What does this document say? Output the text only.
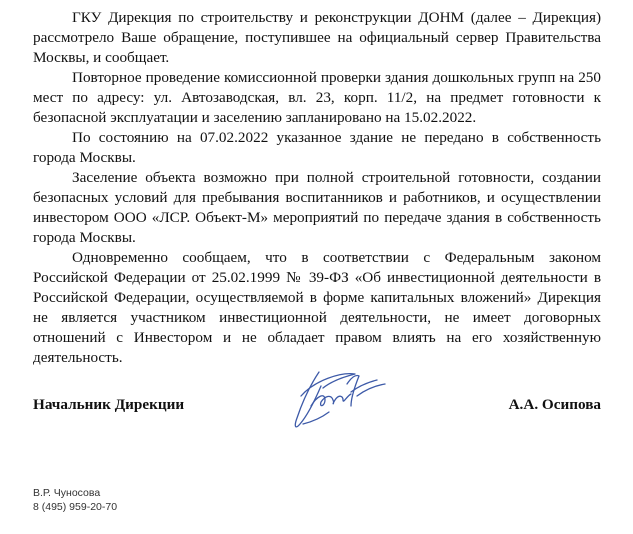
ГКУ Дирекция по строительству и реконструкции ДОНМ (далее – Дирекция) рассмотрело Ваше обращение, поступившее на официальный сервер Правительства Москвы, и сообщает.

Повторное проведение комиссионной проверки здания дошкольных групп на 250 мест по адресу: ул. Автозаводская, вл. 23, корп. 11/2, на предмет готовности к безопасной эксплуатации и заселению запланировано на 15.02.2022.

По состоянию на 07.02.2022 указанное здание не передано в собственность города Москвы.

Заселение объекта возможно при полной строительной готовности, создании безопасных условий для пребывания воспитанников и работников, и осуществлении инвестором ООО «ЛСР. Объект-М» мероприятий по передаче здания в собственность города Москвы.

Одновременно сообщаем, что в соответствии с Федеральным законом Российской Федерации от 25.02.1999 № 39-ФЗ «Об инвестиционной деятельности в Российской Федерации, осуществляемой в форме капитальных вложений» Дирекция не является участником инвестиционной деятельности, не имеет договорных отношений с Инвестором и не обладает правом влиять на его хозяйственную деятельность.

Начальник Дирекции	А.А. Осипова
В.Р. Чуносова
8 (495) 959-20-70
